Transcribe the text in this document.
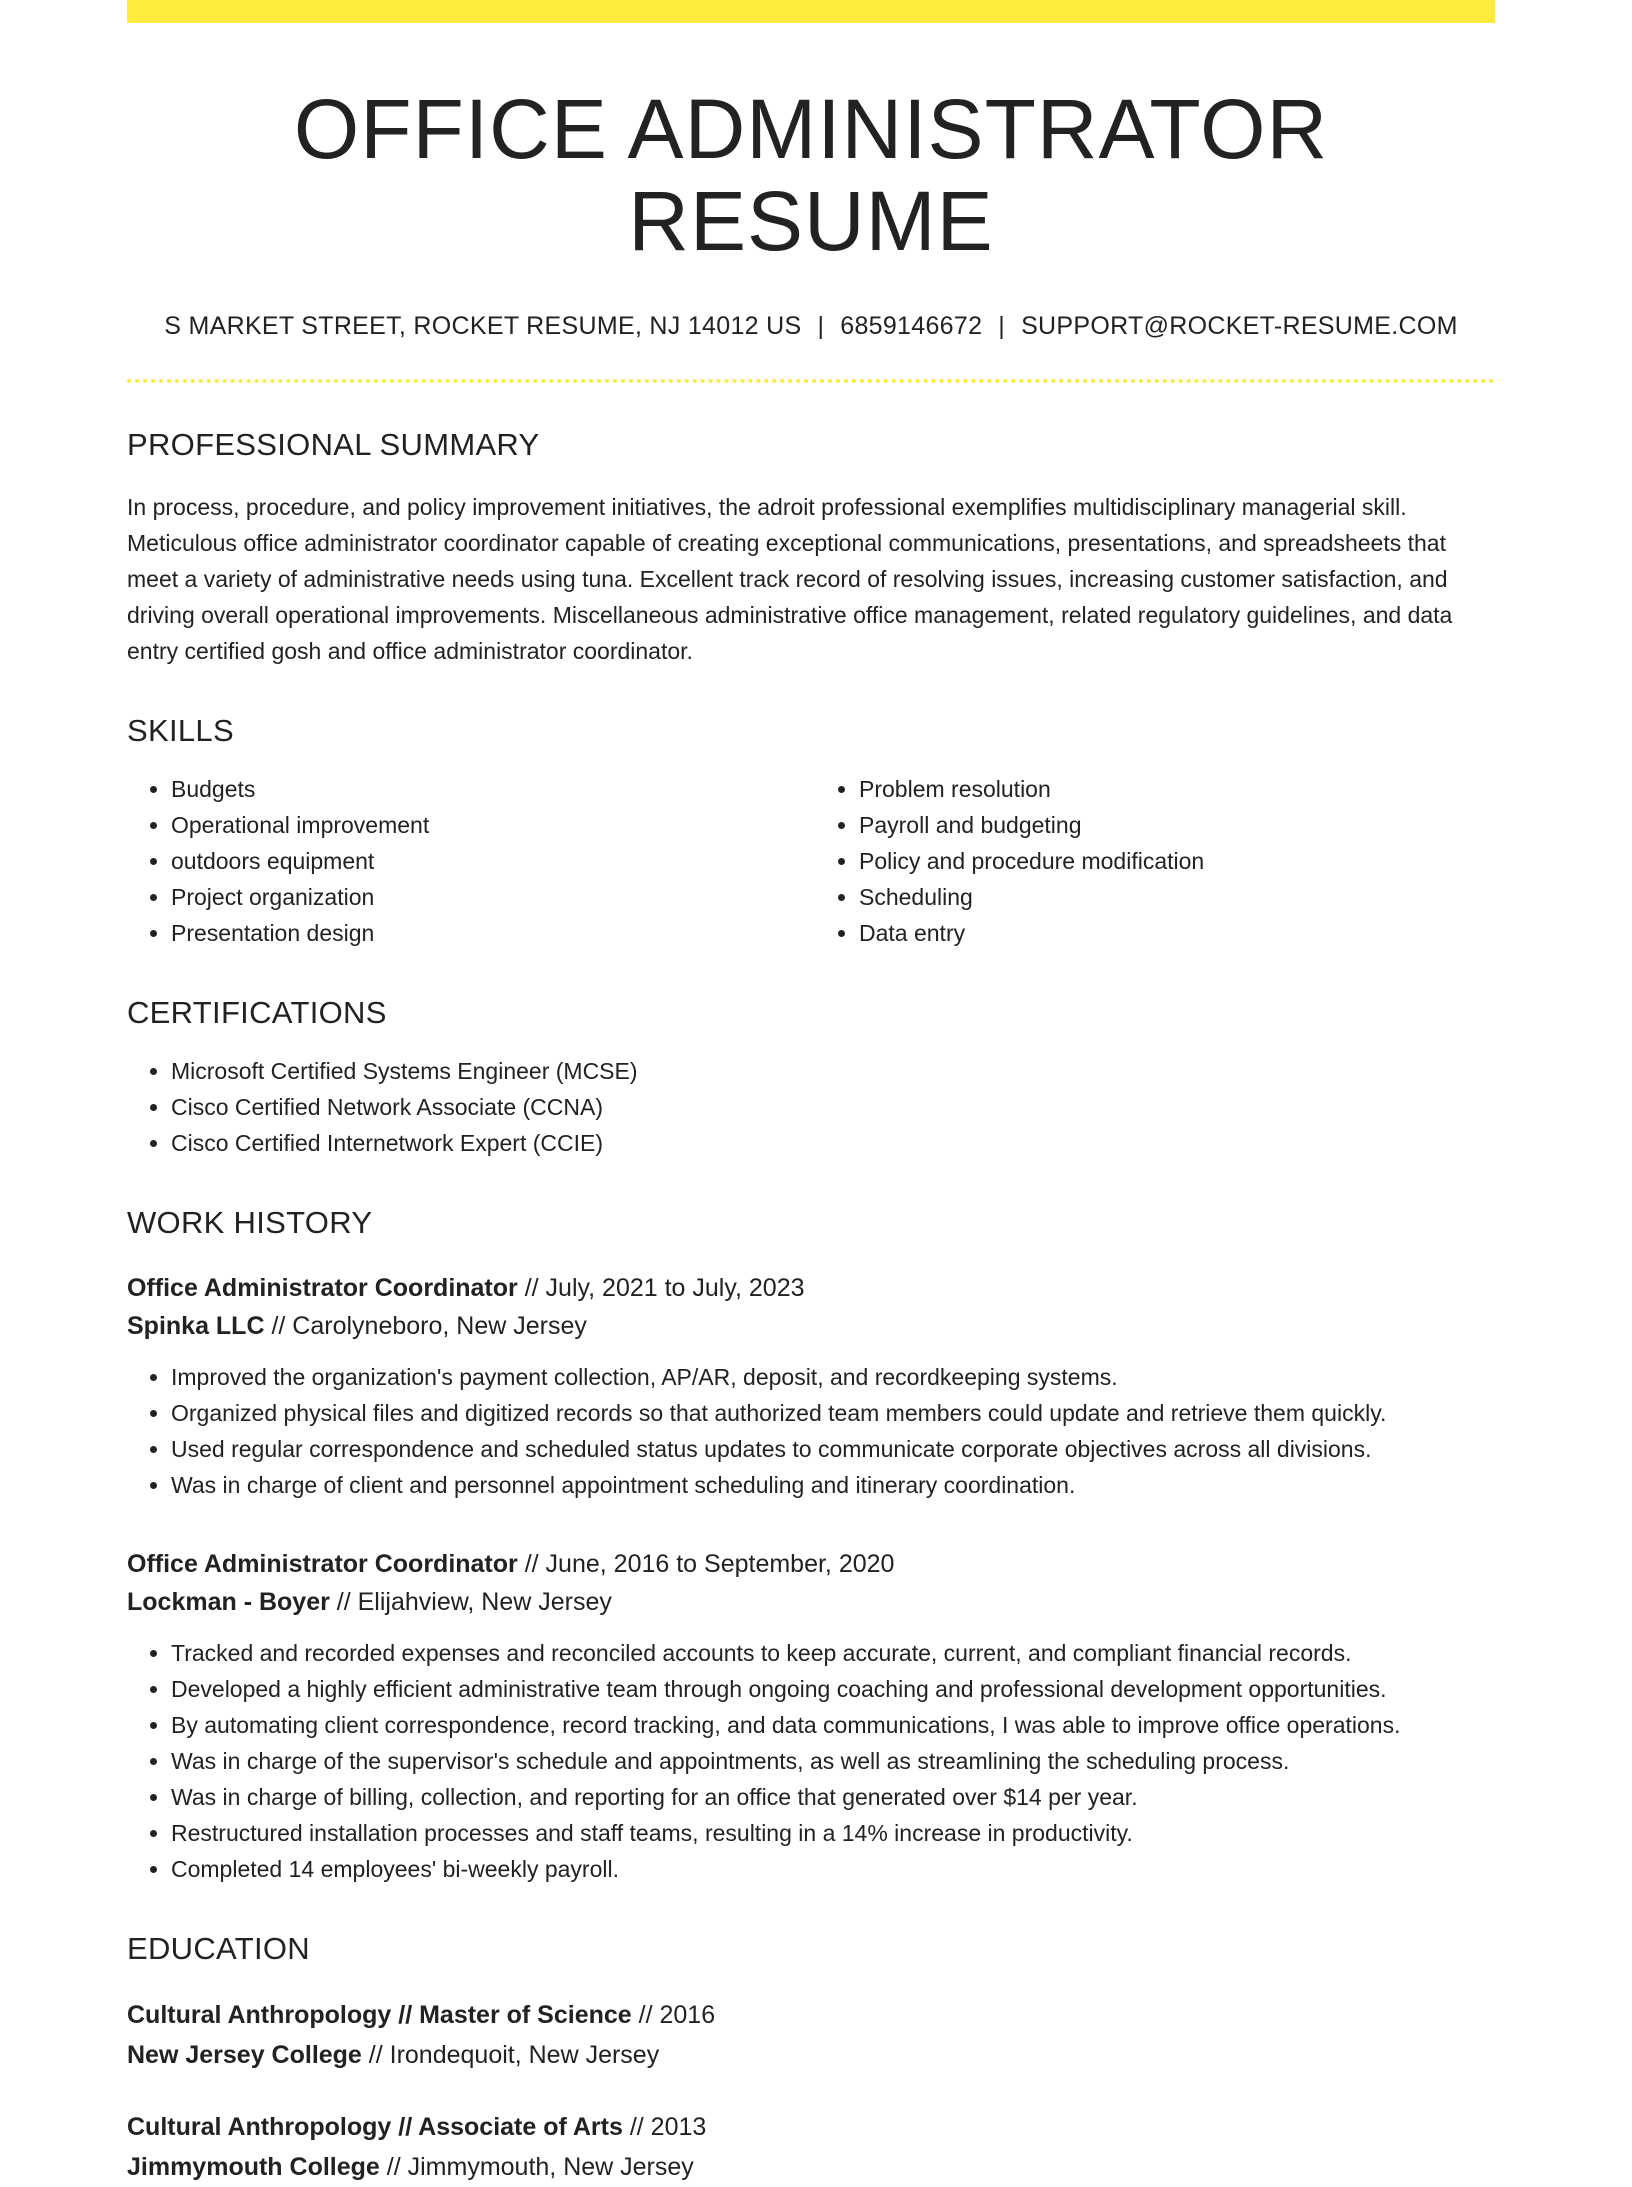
OFFICE ADMINISTRATOR RESUME
S MARKET STREET, ROCKET RESUME, NJ 14012 US | 6859146672 | SUPPORT@ROCKET-RESUME.COM
PROFESSIONAL SUMMARY

In process, procedure, and policy improvement initiatives, the adroit professional exemplifies multidisciplinary managerial skill. Meticulous office administrator coordinator capable of creating exceptional communications, presentations, and spreadsheets that meet a variety of administrative needs using tuna. Excellent track record of resolving issues, increasing customer satisfaction, and driving overall operational improvements. Miscellaneous administrative office management, related regulatory guidelines, and data entry certified gosh and office administrator coordinator.

SKILLS
• Budgets
• Operational improvement
• outdoors equipment
• Project organization
• Presentation design
• Problem resolution
• Payroll and budgeting
• Policy and procedure modification
• Scheduling
• Data entry
CERTIFICATIONS
• Microsoft Certified Systems Engineer (MCSE)
• Cisco Certified Network Associate (CCNA)
• Cisco Certified Internetwork Expert (CCIE)
WORK HISTORY
Office Administrator Coordinator // July, 2021 to July, 2023
Spinka LLC // Carolyneboro, New Jersey
• Improved the organization's payment collection, AP/AR, deposit, and recordkeeping systems.
• Organized physical files and digitized records so that authorized team members could update and retrieve them quickly.
• Used regular correspondence and scheduled status updates to communicate corporate objectives across all divisions.
• Was in charge of client and personnel appointment scheduling and itinerary coordination.
Office Administrator Coordinator // June, 2016 to September, 2020
Lockman - Boyer // Elijahview, New Jersey
• Tracked and recorded expenses and reconciled accounts to keep accurate, current, and compliant financial records.
• Developed a highly efficient administrative team through ongoing coaching and professional development opportunities.
• By automating client correspondence, record tracking, and data communications, I was able to improve office operations.
• Was in charge of the supervisor's schedule and appointments, as well as streamlining the scheduling process.
• Was in charge of billing, collection, and reporting for an office that generated over $14 per year.
• Restructured installation processes and staff teams, resulting in a 14% increase in productivity.
• Completed 14 employees' bi-weekly payroll.
EDUCATION
Cultural Anthropology // Master of Science // 2016
New Jersey College // Irondequoit, New Jersey
Cultural Anthropology // Associate of Arts // 2013
Jimmymouth College // Jimmymouth, New Jersey
